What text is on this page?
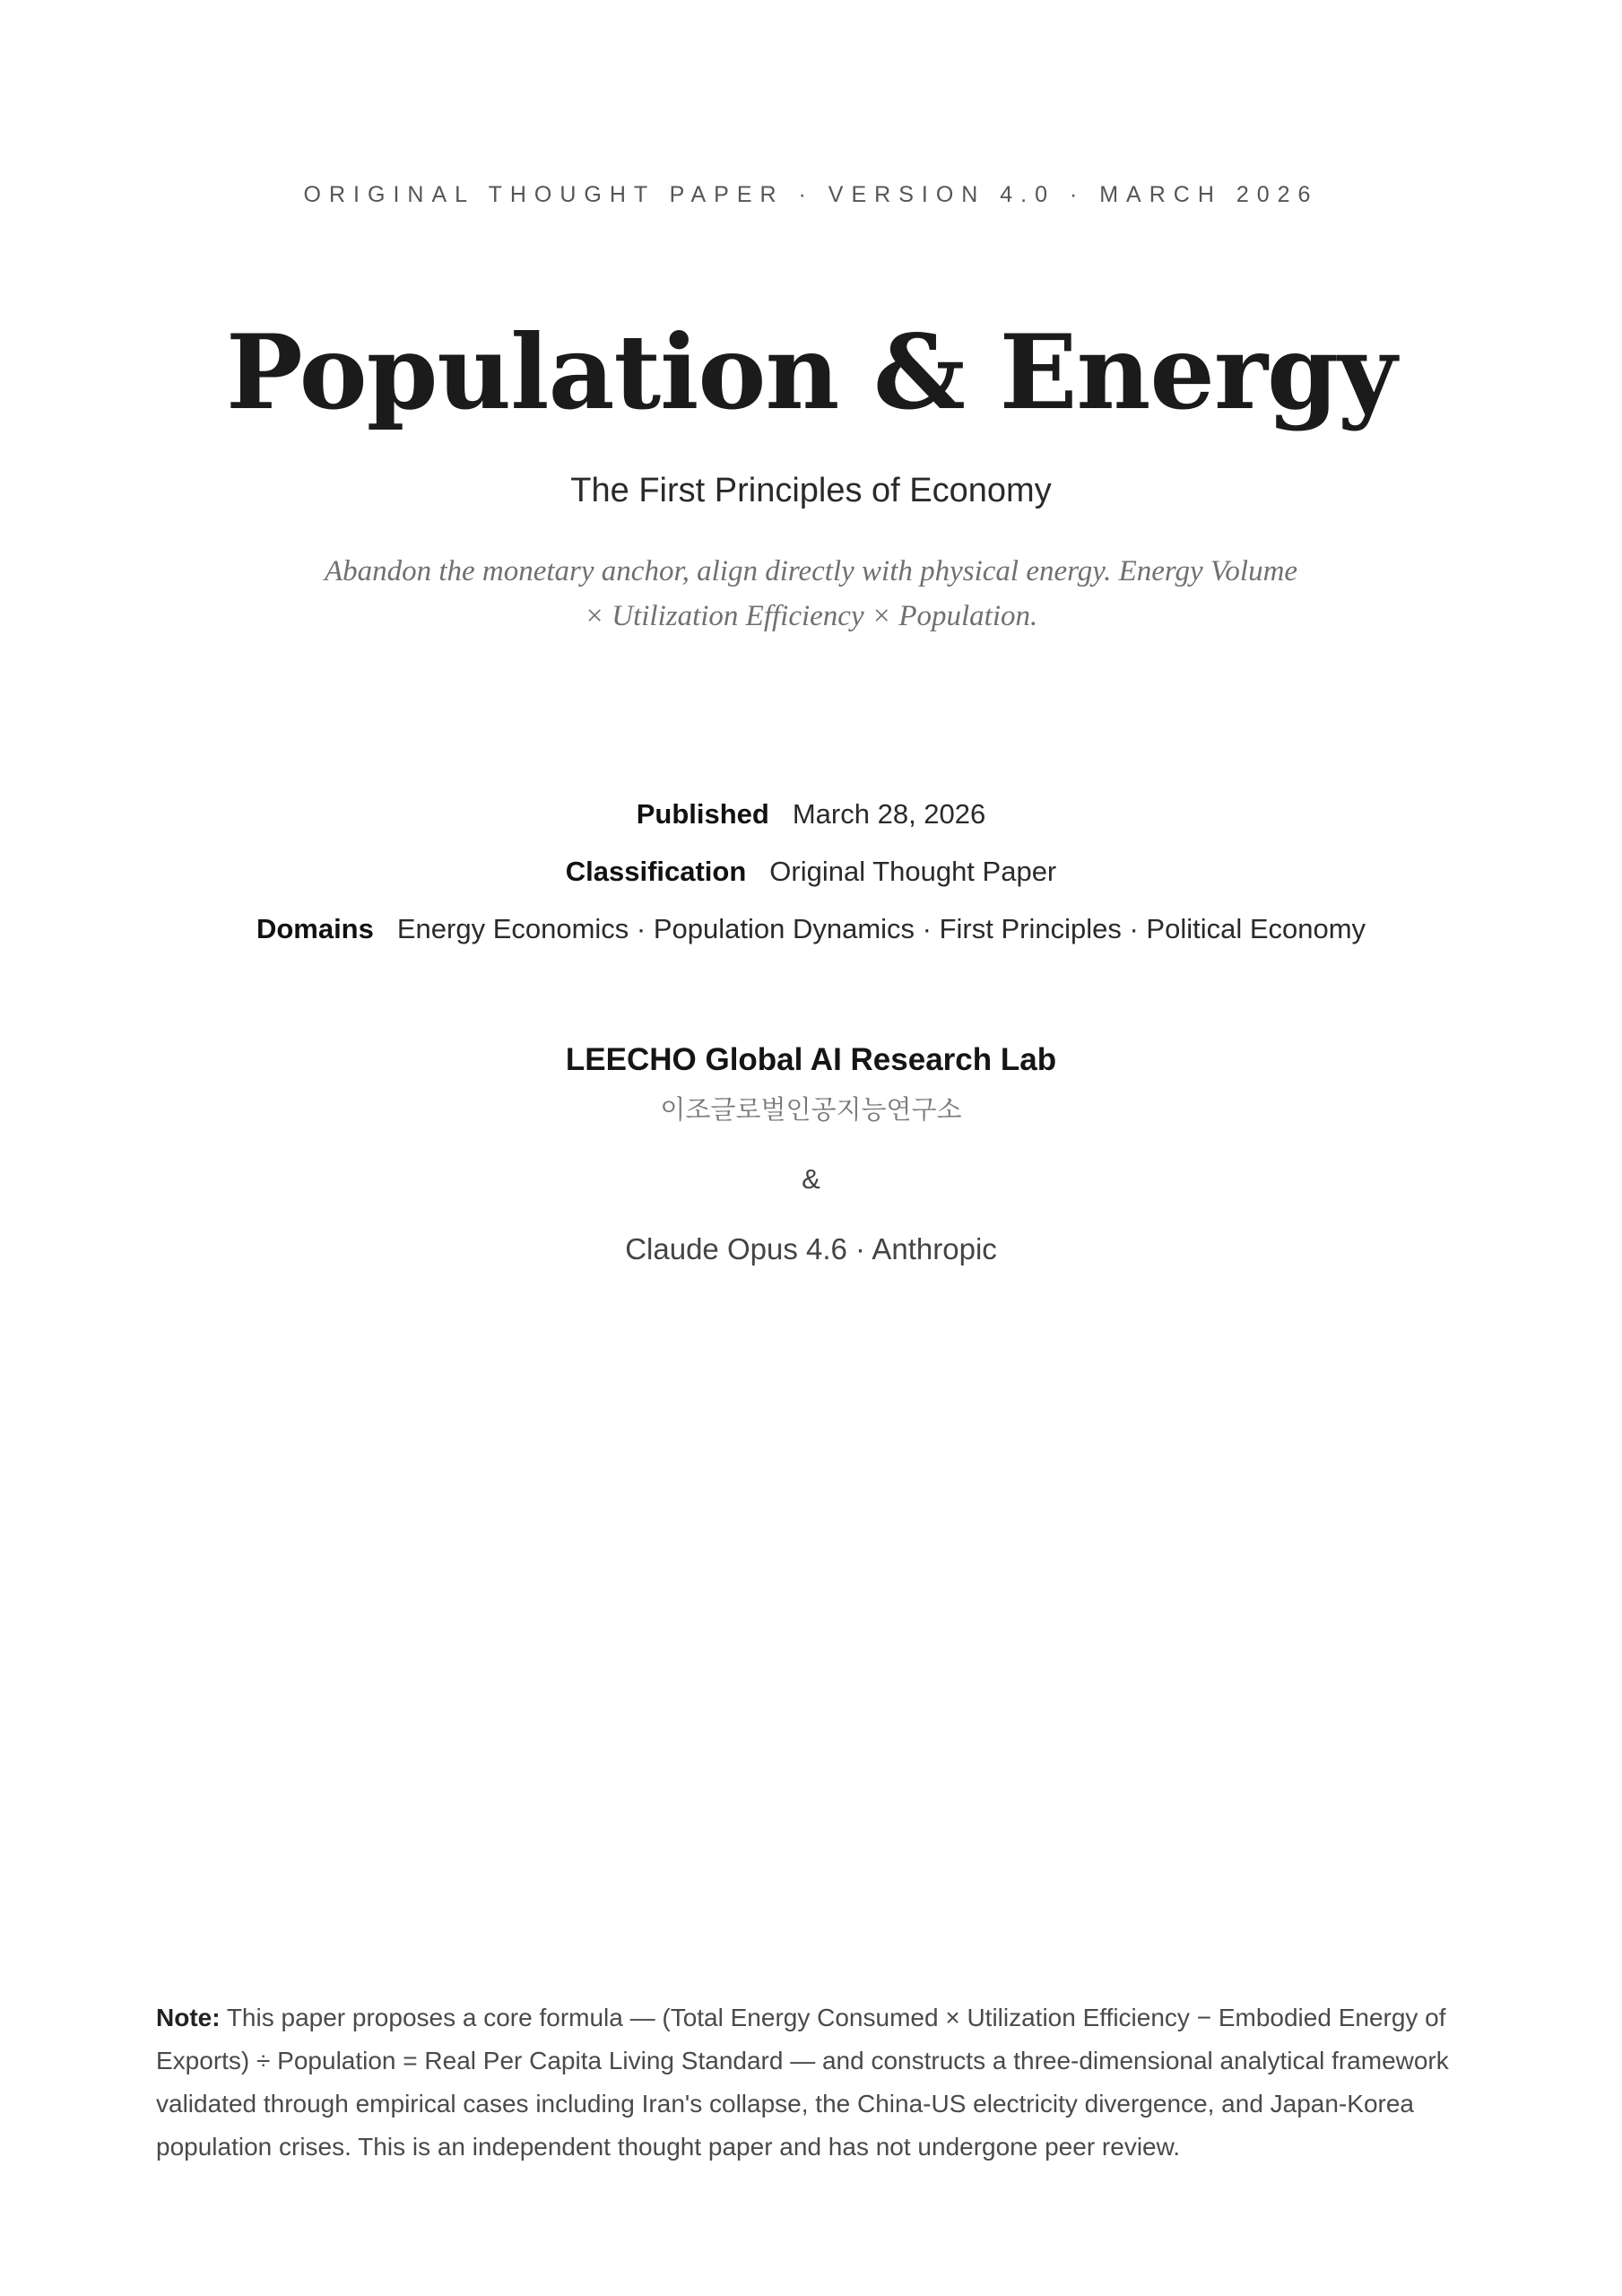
ORIGINAL THOUGHT PAPER · VERSION 4.0 · MARCH 2026
Population & Energy
The First Principles of Economy
Abandon the monetary anchor, align directly with physical energy. Energy Volume × Utilization Efficiency × Population.
Published March 28, 2026
Classification Original Thought Paper
Domains Energy Economics · Population Dynamics · First Principles · Political Economy
LEECHO Global AI Research Lab
이조글로벌인공지능연구소
&
Claude Opus 4.6 · Anthropic
Note: This paper proposes a core formula — (Total Energy Consumed × Utilization Efficiency − Embodied Energy of Exports) ÷ Population = Real Per Capita Living Standard — and constructs a three-dimensional analytical framework validated through empirical cases including Iran's collapse, the China-US electricity divergence, and Japan-Korea population crises. This is an independent thought paper and has not undergone peer review.
